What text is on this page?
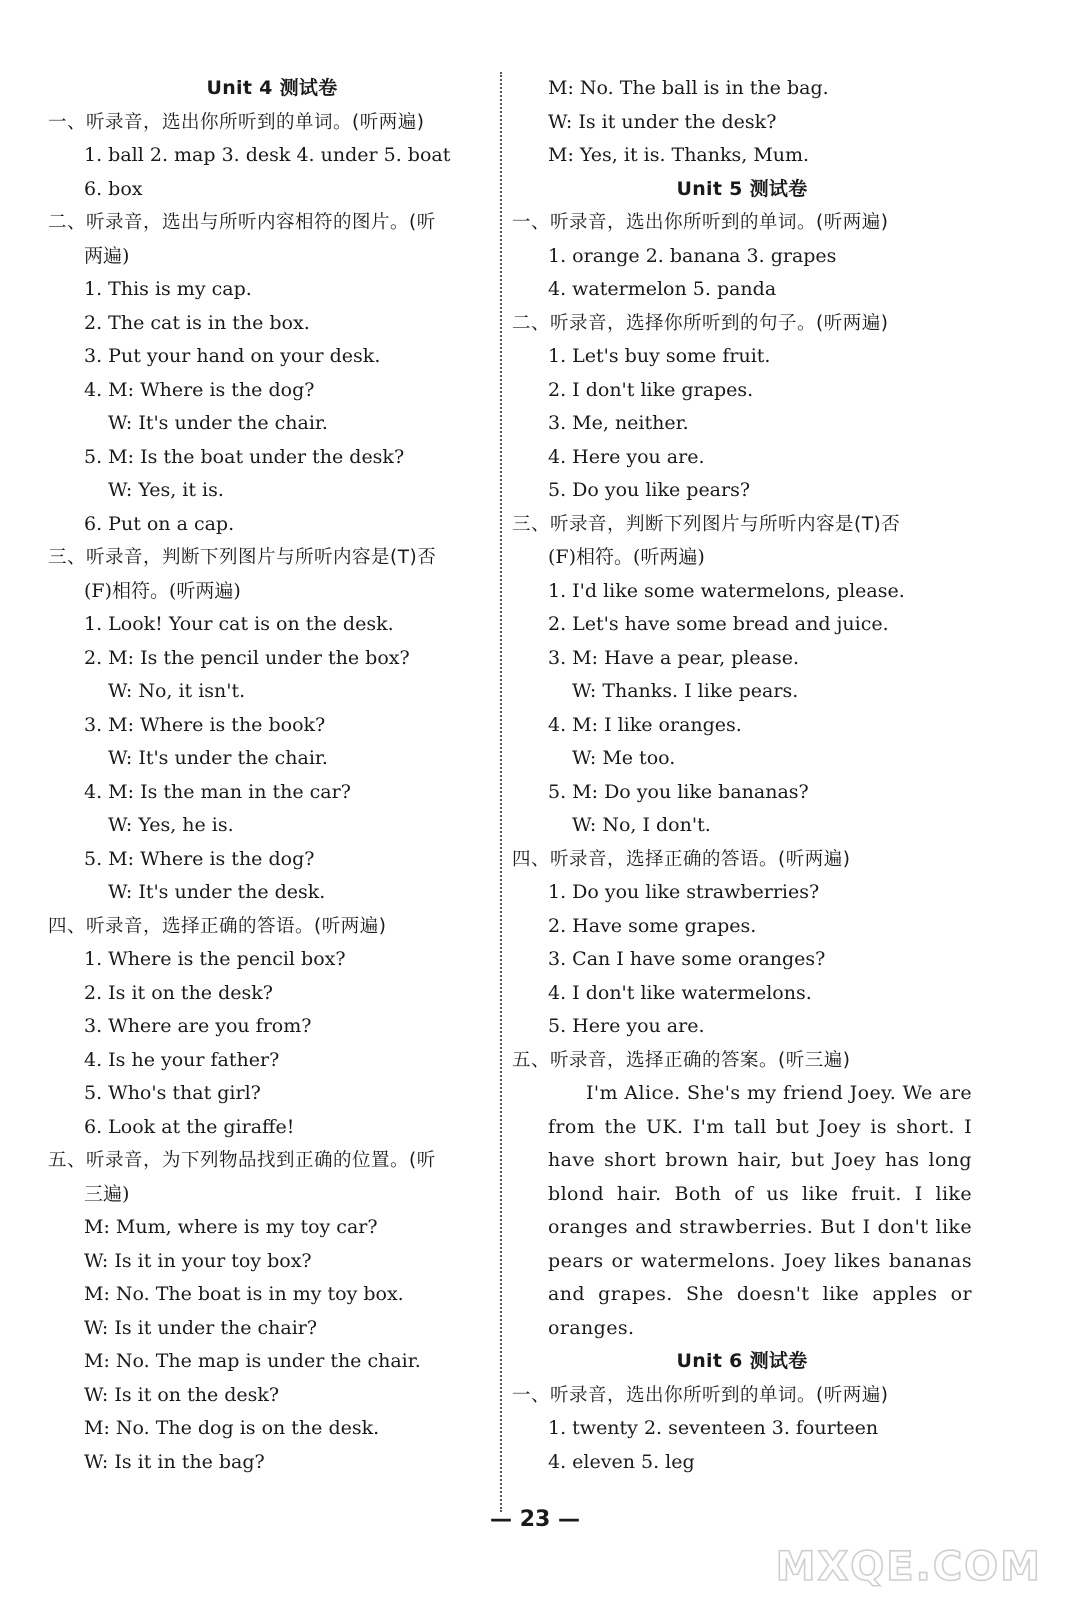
Unit 4 测试卷
一、听录音，选出你所听到的单词。(听两遍)
1. ball 2. map 3. desk 4. under 5. boat
6. box
二、听录音，选出与所听内容相符的图片。(听
两遍)
1. This is my cap.
2. The cat is in the box.
3. Put your hand on your desk.
4. M: Where is the dog?
W: It's under the chair.
5. M: Is the boat under the desk?
W: Yes, it is.
6. Put on a cap.
三、听录音，判断下列图片与所听内容是(T)否
(F)相符。(听两遍)
1. Look! Your cat is on the desk.
2. M: Is the pencil under the box?
W: No, it isn't.
3. M: Where is the book?
W: It's under the chair.
4. M: Is the man in the car?
W: Yes, he is.
5. M: Where is the dog?
W: It's under the desk.
四、听录音，选择正确的答语。(听两遍)
1. Where is the pencil box?
2. Is it on the desk?
3. Where are you from?
4. Is he your father?
5. Who's that girl?
6. Look at the giraffe!
五、听录音，为下列物品找到正确的位置。(听
三遍)
M: Mum, where is my toy car?
W: Is it in your toy box?
M: No. The boat is in my toy box.
W: Is it under the chair?
M: No. The map is under the chair.
W: Is it on the desk?
M: No. The dog is on the desk.
W: Is it in the bag?
M: No. The ball is in the bag.
W: Is it under the desk?
M: Yes, it is. Thanks, Mum.
Unit 5 测试卷
一、听录音，选出你所听到的单词。(听两遍)
1. orange 2. banana 3. grapes
4. watermelon 5. panda
二、听录音，选择你所听到的句子。(听两遍)
1. Let's buy some fruit.
2. I don't like grapes.
3. Me, neither.
4. Here you are.
5. Do you like pears?
三、听录音，判断下列图片与所听内容是(T)否
(F)相符。(听两遍)
1. I'd like some watermelons, please.
2. Let's have some bread and juice.
3. M: Have a pear, please.
W: Thanks. I like pears.
4. M: I like oranges.
W: Me too.
5. M: Do you like bananas?
W: No, I don't.
四、听录音，选择正确的答语。(听两遍)
1. Do you like strawberries?
2. Have some grapes.
3. Can I have some oranges?
4. I don't like watermelons.
5. Here you are.
五、听录音，选择正确的答案。(听三遍)
I'm Alice. She's my friend Joey. We are from the UK. I'm tall but Joey is short. I have short brown hair, but Joey has long blond hair. Both of us like fruit. I like oranges and strawberries. But I don't like pears or watermelons. Joey likes bananas and grapes. She doesn't like apples or oranges.
Unit 6 测试卷
一、听录音，选出你所听到的单词。(听两遍)
1. twenty 2. seventeen 3. fourteen
4. eleven 5. leg
— 23 —
MXQE.COM
